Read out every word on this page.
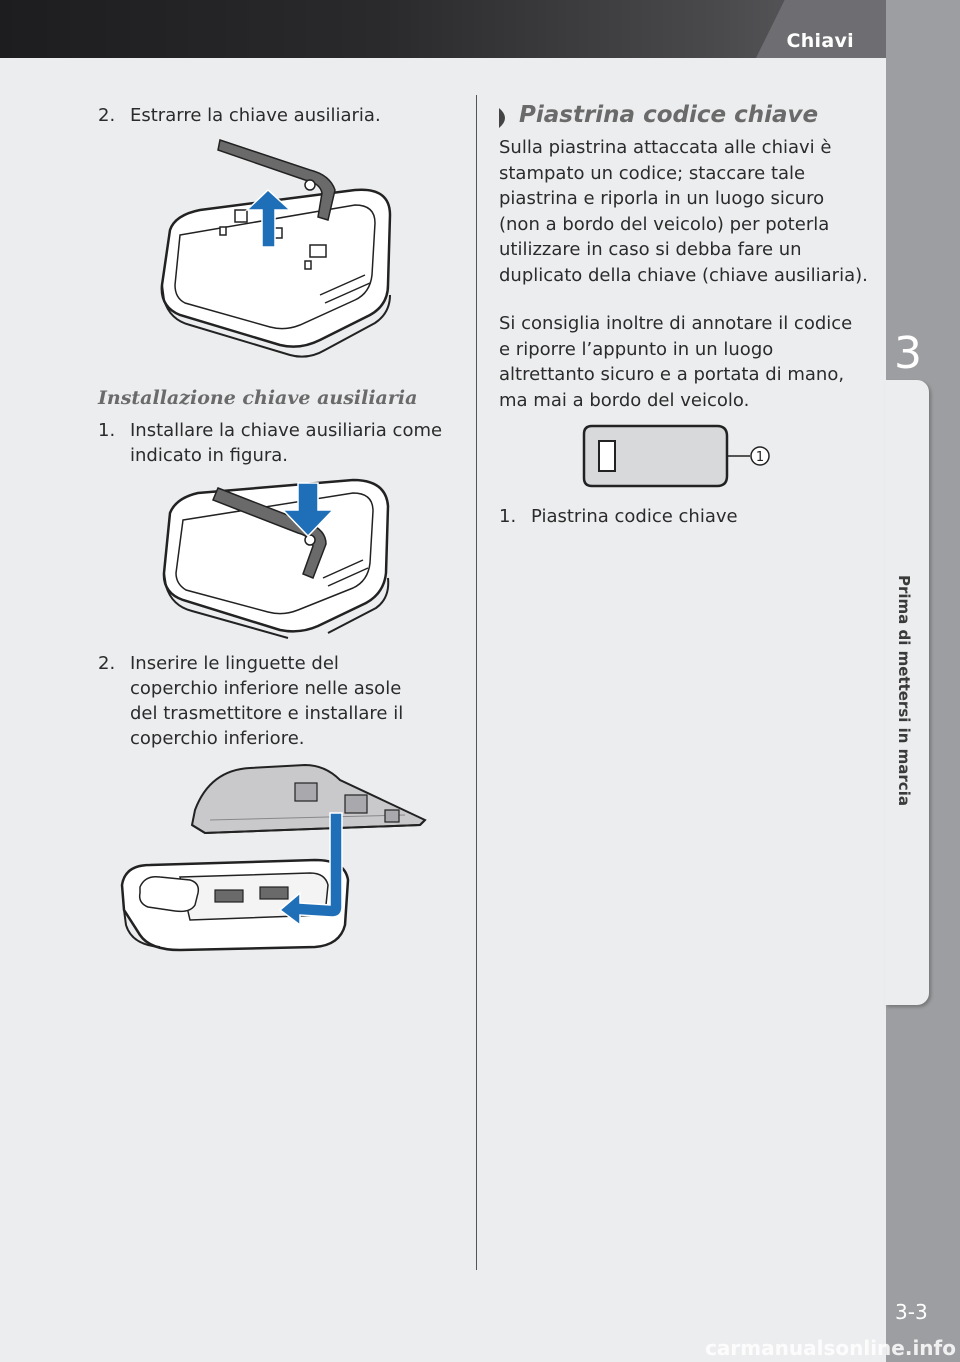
Chiavi
3
Prima di mettersi in marcia
3-3
2. Estrarre la chiave ausiliaria.
Installazione chiave ausiliaria
1. Installare la chiave ausiliaria come indicato in figura.
2. Inserire le linguette del coperchio inferiore nelle asole del trasmettitore e installare il coperchio inferiore.
Piastrina codice chiave
Sulla piastrina attaccata alle chiavi è stampato un codice; staccare tale piastrina e riporla in un luogo sicuro (non a bordo del veicolo) per poterla utilizzare in caso si debba fare un duplicato della chiave (chiave ausiliaria).
Si consiglia inoltre di annotare il codice e riporre l’appunto in un luogo altrettanto sicuro e a portata di mano, ma mai a bordo del veicolo.
1
1. Piastrina codice chiave
carmanualsonline.info
